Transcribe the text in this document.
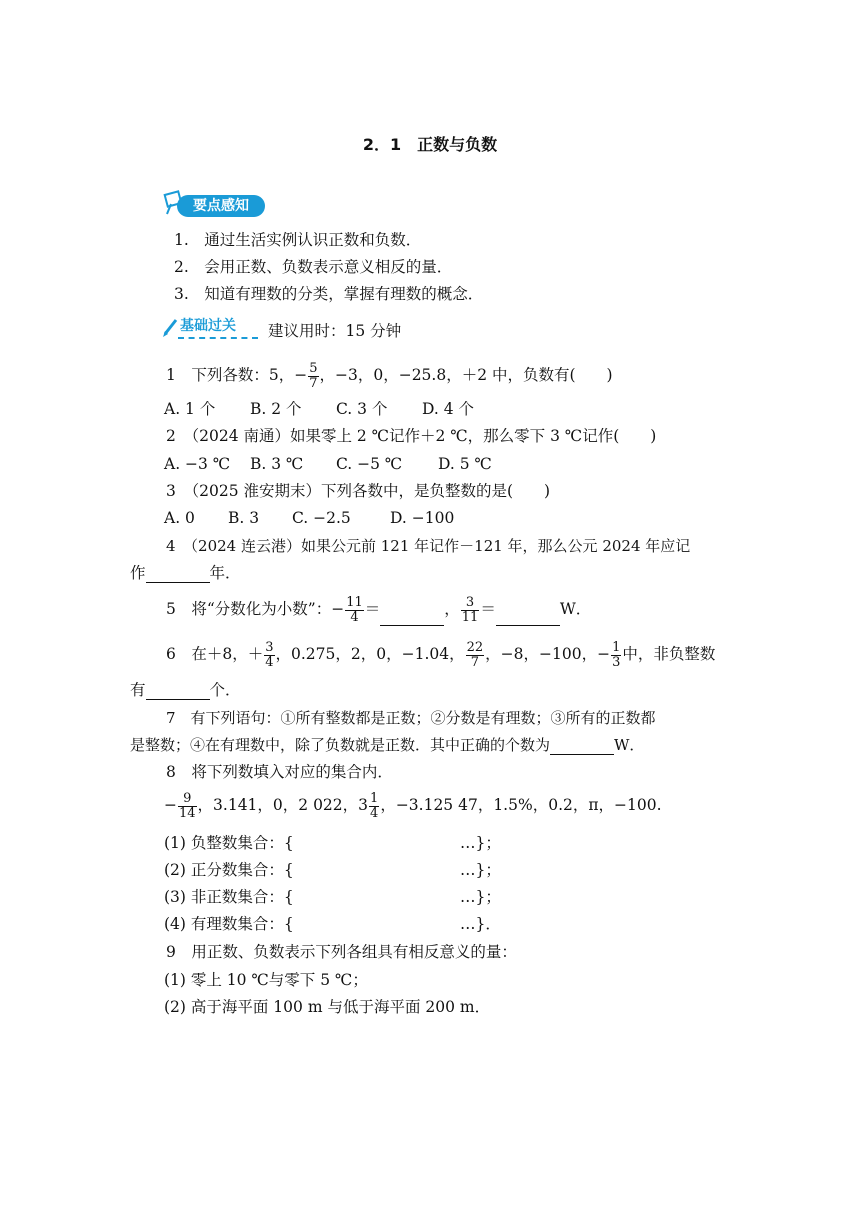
2．1　正数与负数
要点感知
1.　通过生活实例认识正数和负数．
2.　会用正数、负数表示意义相反的量．
3.　知道有理数的分类，掌握有理数的概念．
基础过关 建议用时：15 分钟
1　下列各数：5，− $\frac{5}{7}$ ，−3，0，−25.8，＋2 中，负数有(　　)
A. 1 个 B. 2 个 C. 3 个 D. 4 个
2　（2024 南通）如果零上 2 ℃记作＋2 ℃，那么零下 3 ℃记作(　　)
A. −3 ℃ B. 3 ℃ C. −5 ℃ D. 5 ℃
3　（2025 淮安期末）下列各数中，是负整数的是(　　)
A. 0 B. 3 C. −2.5	D. −100
4　（2024 连云港）如果公元前 121 年记作－121 年，那么公元 2024 年应记
作	年．
5　将“分数化为小数”：− $\frac{11}{4}$ ＝	， $\frac{3}{11}$ ＝	W．
6　在＋8，＋ $\frac{3}{4}$ ，0.275，2，0，−1.04， $\frac{22}{7}$ ，−8，−100，− $\frac{1}{3}$ 中，非负整数
有	个．
7　有下列语句：①所有整数都是正数；②分数是有理数；③所有的正数都
是整数；④在有理数中，除了负数就是正数．其中正确的个数为	W．
8　将下列数填入对应的集合内．
− $\frac{9}{14}$ ，3.141，0，2 022，$3 \frac{1}{4}$ ，−3.125 47，1.5%，0.2，π，−100.
(1) 负整数集合：{	…}；
(2) 正分数集合：{	…}；
(3) 非正数集合：{	…}；
(4) 有理数集合：{	…}．
9　用正数、负数表示下列各组具有相反意义的量：
(1) 零上 10 ℃与零下 5 ℃；
(2) 高于海平面 100 m 与低于海平面 200 m．
